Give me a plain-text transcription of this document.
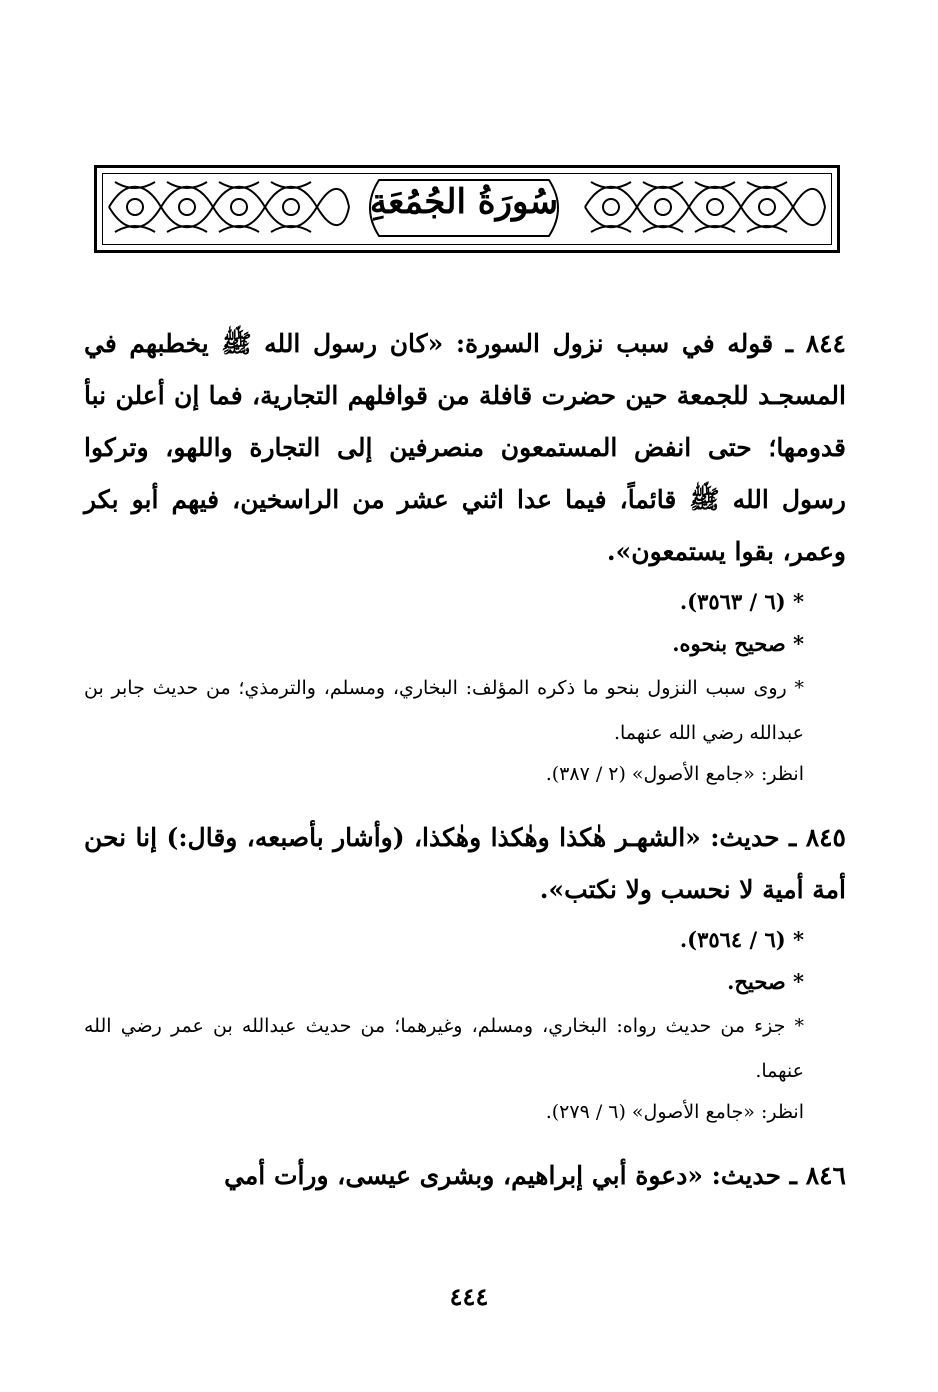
سُورَةُ الجُمُعَةِ

٨٤٤ ـ قوله في سبب نزول السورة: «كان رسول الله ﷺ يخطبهم في المسجـد للجمعة حين حضرت قافلة من قوافلهم التجارية، فما إن أعلن نبأ قدومها؛ حتى انفض المستمعون منصرفين إلى التجارة واللهو، وتركوا رسول الله ﷺ قائماً، فيما عدا اثني عشر من الراسخين، فيهم أبو بكر وعمر، بقوا يستمعون».

* (٦ / ٣٥٦٣).

* صحيح بنحوه.

* روى سبب النزول بنحو ما ذكره المؤلف: البخاري، ومسلم، والترمذي؛ من حديث جابر بن عبدالله رضي الله عنهما.

انظر: «جامع الأصول» (٢ / ٣٨٧).

٨٤٥ ـ حديث: «الشهـر هٰكذا وهٰكذا وهٰكذا، (وأشار بأصبعه، وقال:) إنا نحن أمة أمية لا نحسب ولا نكتب».

* (٦ / ٣٥٦٤).

* صحيح.

* جزء من حديث رواه: البخاري، ومسلم، وغيرهما؛ من حديث عبدالله بن عمر رضي الله عنهما.

انظر: «جامع الأصول» (٦ / ٢٧٩).

٨٤٦ ـ حديث: «دعوة أبي إبراهيم، وبشرى عيسى، ورأت أمي

٤٤٤
